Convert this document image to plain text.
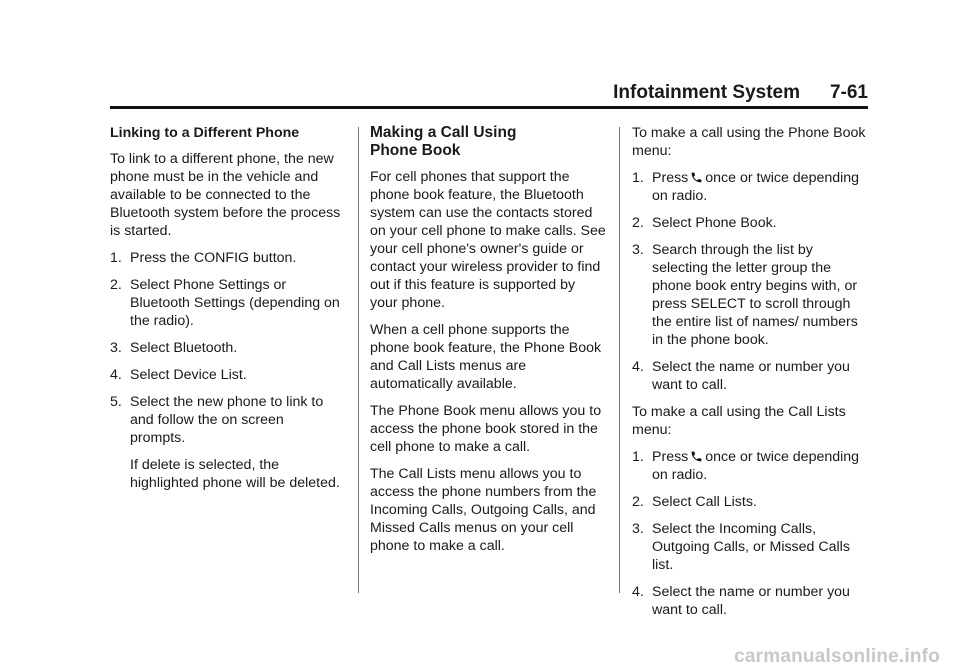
Infotainment System 7-61

Linking to a Different Phone

To link to a different phone, the new phone must be in the vehicle and available to be connected to the Bluetooth system before the process is started.

1. Press the CONFIG button.
2. Select Phone Settings or Bluetooth Settings (depending on the radio).
3. Select Bluetooth.
4. Select Device List.
5. Select the new phone to link to and follow the on screen prompts.
If delete is selected, the highlighted phone will be deleted.
Making a Call Using
Phone Book

For cell phones that support the phone book feature, the Bluetooth system can use the contacts stored on your cell phone to make calls. See your cell phone's owner's guide or contact your wireless provider to find out if this feature is supported by your phone.

When a cell phone supports the phone book feature, the Phone Book and Call Lists menus are automatically available.

The Phone Book menu allows you to access the phone book stored in the cell phone to make a call.

The Call Lists menu allows you to access the phone numbers from the Incoming Calls, Outgoing Calls, and Missed Calls menus on your cell phone to make a call.

To make a call using the Phone Book menu:

1. Press once or twice depending on radio.
2. Select Phone Book.
3. Search through the list by selecting the letter group the phone book entry begins with, or press SELECT to scroll through the entire list of names/ numbers in the phone book.
4. Select the name or number you want to call.

To make a call using the Call Lists menu:

1. Press once or twice depending on radio.
2. Select Call Lists.
3. Select the Incoming Calls, Outgoing Calls, or Missed Calls list.
4. Select the name or number you want to call.
carmanualsonline.info
